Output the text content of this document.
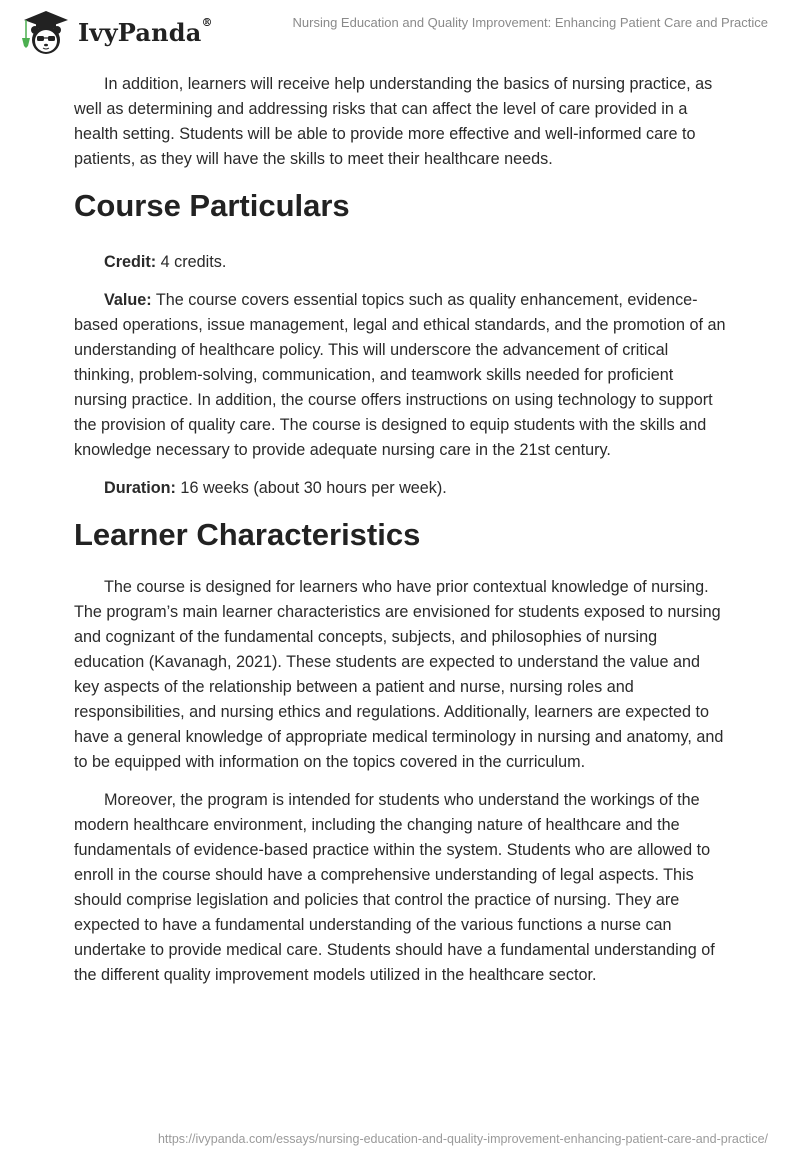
IvyPanda®	Nursing Education and Quality Improvement: Enhancing Patient Care and Practice

In addition, learners will receive help understanding the basics of nursing practice, as well as determining and addressing risks that can affect the level of care provided in a health setting. Students will be able to provide more effective and well-informed care to patients, as they will have the skills to meet their healthcare needs.

Course Particulars

Credit: 4 credits.

Value: The course covers essential topics such as quality enhancement, evidence-based operations, issue management, legal and ethical standards, and the promotion of an understanding of healthcare policy. This will underscore the advancement of critical thinking, problem-solving, communication, and teamwork skills needed for proficient nursing practice. In addition, the course offers instructions on using technology to support the provision of quality care. The course is designed to equip students with the skills and knowledge necessary to provide adequate nursing care in the 21st century.

Duration: 16 weeks (about 30 hours per week).

Learner Characteristics

The course is designed for learners who have prior contextual knowledge of nursing. The program’s main learner characteristics are envisioned for students exposed to nursing and cognizant of the fundamental concepts, subjects, and philosophies of nursing education (Kavanagh, 2021). These students are expected to understand the value and key aspects of the relationship between a patient and nurse, nursing roles and responsibilities, and nursing ethics and regulations. Additionally, learners are expected to have a general knowledge of appropriate medical terminology in nursing and anatomy, and to be equipped with information on the topics covered in the curriculum.

Moreover, the program is intended for students who understand the workings of the modern healthcare environment, including the changing nature of healthcare and the fundamentals of evidence-based practice within the system. Students who are allowed to enroll in the course should have a comprehensive understanding of legal aspects. This should comprise legislation and policies that control the practice of nursing. They are expected to have a fundamental understanding of the various functions a nurse can undertake to provide medical care. Students should have a fundamental understanding of the different quality improvement models utilized in the healthcare sector.

https://ivypanda.com/essays/nursing-education-and-quality-improvement-enhancing-patient-care-and-practice/
